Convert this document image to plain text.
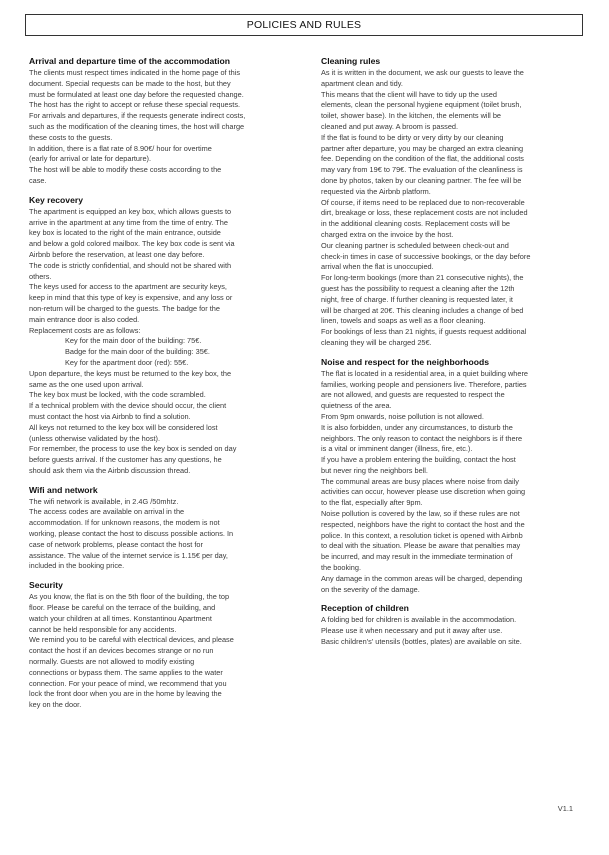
POLICIES AND RULES
Arrival and departure time of the accommodation

The clients must respect times indicated in the home page of this

document. Special requests can be made to the host, but they

must be formulated at least one day before the requested change.

The host has the right to accept or refuse these special requests.

For arrivals and departures, if the requests generate indirect costs,

such as the modification of the cleaning times, the host will charge

these costs to the guests.

In addition, there is a flat rate of 8.90€/ hour for overtime

(early for arrival or late for departure).

The host will be able to modify these costs according to the

case.

Key recovery

The apartment is equipped an key box, which allows guests to

arrive in the apartment at any time from the time of entry. The

key box is located to the right of the main entrance, outside

and below a gold colored mailbox. The key box code is sent via

Airbnb before the reservation, at least one day before.

The code is strictly confidential, and should not be shared with

others.

The keys used for access to the apartment are security keys,

keep in mind that this type of key is expensive, and any loss or

non-return will be charged to the guests. The badge for the

main entrance door is also coded.

Replacement costs are as follows:

Key for the main door of the building: 75€.

Badge for the main door of the building: 35€.

Key for the apartment door (red): 55€.

Upon departure, the keys must be returned to the key box, the

same as the one used upon arrival.

The key box must be locked, with the code scrambled.

If a technical problem with the device should occur, the client

must contact the host via Airbnb to find a solution.

All keys not returned to the key box will be considered lost

(unless otherwise validated by the host).

For remember, the process to use the key box is sended on day

before guests arrival. If the customer has any questions, he

should ask them via the Airbnb discussion thread.

Wifi and network

The wifi network is available, in 2.4G /50mhtz.

The access codes are available on arrival in the

accommodation. If for unknown reasons, the modem is not

working, please contact the host to discuss possible actions. In

case of network problems, please contact the host for

assistance. The value of the internet service is 1.15€ per day,

included in the booking price.

Security

As you know, the flat is on the 5th floor of the building, the top

floor. Please be careful on the terrace of the building, and

watch your children at all times. Konstantinou Apartment

cannot be held responsible for any accidents.

We remind you to be careful with electrical devices, and please

contact the host if an devices becomes strange or no run

normally. Guests are not allowed to modify existing

connections or bypass them. The same applies to the water

connection. For your peace of mind, we recommend that you

lock the front door when you are in the home by leaving the

key on the door.

Cleaning rules

As it is written in the document, we ask our guests to leave the

apartment clean and tidy.

This means that the client will have to tidy up the used

elements, clean the personal hygiene equipment (toilet brush,

toilet, shower base). In the kitchen, the elements will be

cleaned and put away. A broom is passed.

If the flat is found to be dirty or very dirty by our cleaning

partner after departure, you may be charged an extra cleaning

fee. Depending on the condition of the flat, the additional costs

may vary from 19€ to 79€. The evaluation of the cleanliness is

done by photos, taken by our cleaning partner. The fee will be

requested via the Airbnb platform.

Of course, if items need to be replaced due to non-recoverable

dirt, breakage or loss, these replacement costs are not included

in the additional cleaning costs. Replacement costs will be

charged extra on the invoice by the host.

Our cleaning partner is scheduled between check-out and

check-in times in case of successive bookings, or the day before

arrival when the flat is unoccupied.

For long-term bookings (more than 21 consecutive nights), the

guest has the possibility to request a cleaning after the 12th

night, free of charge. If further cleaning is requested later, it

will be charged at 20€. This cleaning includes a change of bed

linen, towels and soaps as well as a floor cleaning.

For bookings of less than 21 nights, if guests request additional

cleaning they will be charged 25€.

Noise and respect for the neighborhoods

The flat is located in a residential area, in a quiet building where

families, working people and pensioners live. Therefore, parties

are not allowed, and guests are requested to respect the

quietness of the area.

From 9pm onwards, noise pollution is not allowed.

It is also forbidden, under any circumstances, to disturb the

neighbors. The only reason to contact the neighbors is if there

is a vital or imminent danger (illness, fire, etc.).

If you have a problem entering the building, contact the host

but never ring the neighbors bell.

The communal areas are busy places where noise from daily

activities can occur, however please use discretion when going

to the flat, especially after 9pm.

Noise pollution is covered by the law, so if these rules are not

respected, neighbors have the right to contact the host and the

police. In this context, a resolution ticket is opened with Airbnb

to deal with the situation. Please be aware that penalties may

be incurred, and may result in the immediate termination of

the booking.

Any damage in the common areas will be charged, depending

on the severity of the damage.

Reception of children

A folding bed for children is available in the accommodation.

Please use it when necessary and put it away after use.

Basic children's' utensils (bottles, plates) are available on site.

V1.1
